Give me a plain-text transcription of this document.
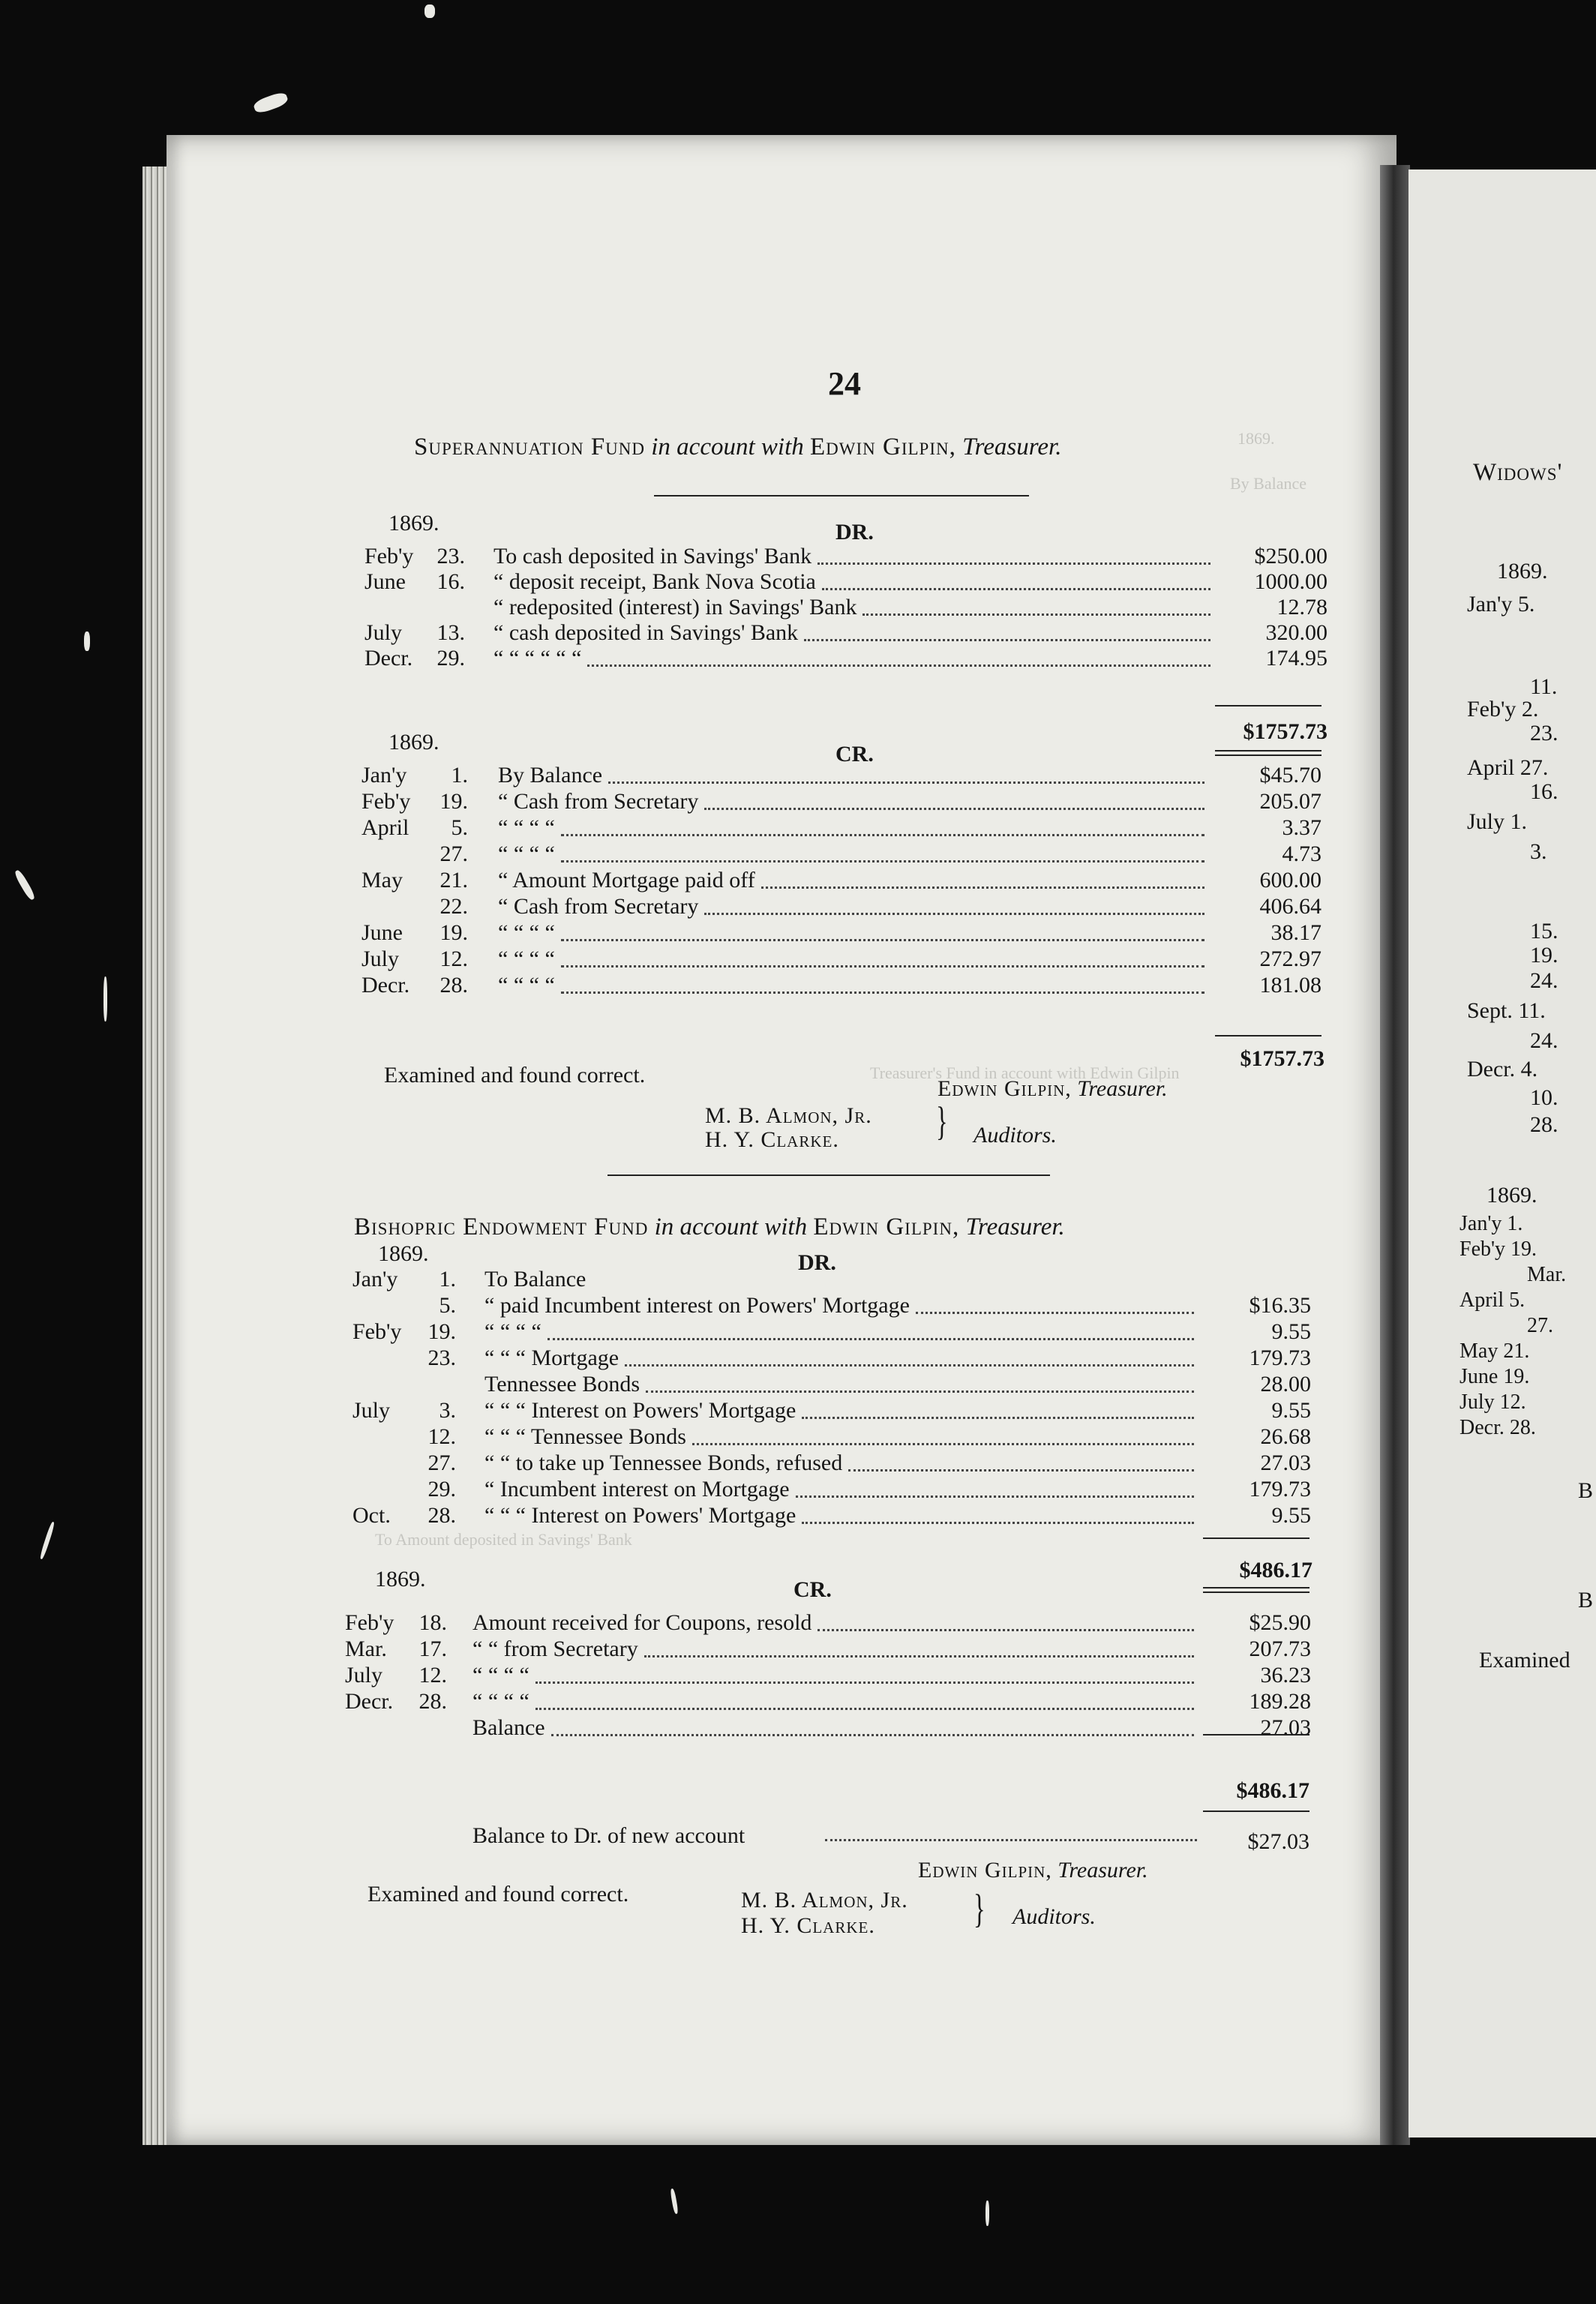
1869.
By Balance
Treasurer's Fund in account with Edwin Gilpin
To Amount deposited in Savings' Bank
24
Superannuation Fund in account with Edwin Gilpin, Treasurer.
1869.	DR.
Feb'y	23. To cash deposited in Savings' Bank	$250.00
June	16. “ deposit receipt, Bank Nova Scotia	1000.00
“ redeposited (interest) in Savings' Bank	12.78
July	13. “ cash deposited in Savings' Bank	320.00
Decr.	29. “ “ “ “ “ “	174.95
$1757.73
1869.	CR.
Jan'y	1. By Balance	$45.70
Feb'y	19. “ Cash from Secretary	205.07
April	5. “ “ “ “	3.37
27. “ “ “ “	4.73
May	21. “ Amount Mortgage paid off	600.00
22. “ Cash from Secretary	406.64
June	19. “ “ “ “	38.17
July	12. “ “ “ “	272.97
Decr.	28. “ “ “ “	181.08
$1757.73
Examined and found correct.
Edwin Gilpin, Treasurer.
M. B. Almon, Jr.
H. Y. Clarke. } Auditors.
Bishopric Endowment Fund in account with Edwin Gilpin, Treasurer.
1869.	DR.
Jan'y	1. To Balance
5. “ paid Incumbent interest on Powers' Mortgage	$16.35
Feb'y	19. “ “ “ “	9.55
23. “ “ “ Mortgage	179.73
Tennessee Bonds	28.00
July	3. “ “ “ Interest on Powers' Mortgage	9.55
12. “ “ “ Tennessee Bonds	26.68
27. “ “ to take up Tennessee Bonds, refused	27.03
29. “ Incumbent interest on Mortgage	179.73
Oct.	28. “ “ “ Interest on Powers' Mortgage	9.55
$486.17
1869.	CR.
Feb'y	18. Amount received for Coupons, resold	$25.90
Mar.	17. “ “ from Secretary	207.73
July	12. “ “ “ “	36.23
Decr.	28. “ “ “ “	189.28
Balance	27.03
$486.17
Balance to Dr. of new account	$27.03
Edwin Gilpin, Treasurer.
Examined and found correct.	M. B. Almon, Jr.
H. Y. Clarke. } Auditors.
Widows'
1869.
Jan'y 5.
11.
Feb'y 2.
23.
April 27.
16.
July 1.
3.
15.
19.
24.
Sept. 11.
24.
Decr. 4.
10.
28.
1869.
Jan'y 1.
Feb'y 19.
Mar.
April 5.
27.
May 21.
June 19.
July 12.
Decr. 28.
B
B
Examined
